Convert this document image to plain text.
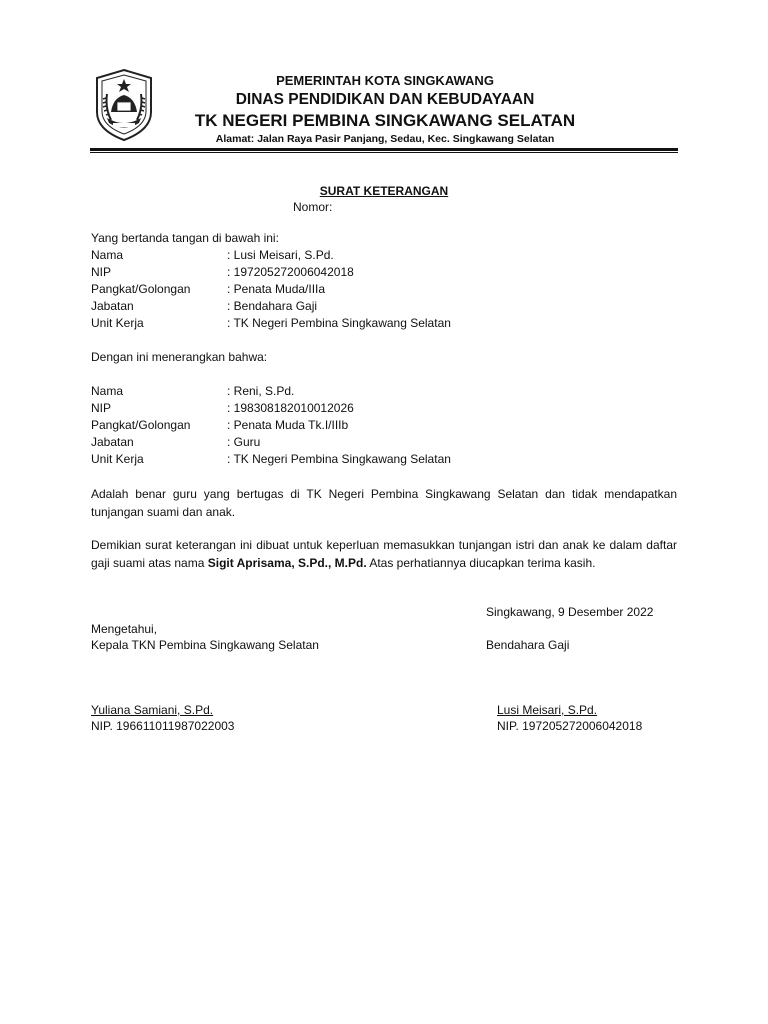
PEMERINTAH KOTA SINGKAWANG
DINAS PENDIDIKAN DAN KEBUDAYAAN
TK NEGERI PEMBINA SINGKAWANG SELATAN
Alamat: Jalan Raya Pasir Panjang, Sedau, Kec. Singkawang Selatan
SURAT KETERANGAN
Nomor:
Yang bertanda tangan di bawah ini:
Nama	: Lusi Meisari, S.Pd.
NIP	: 197205272006042018
Pangkat/Golongan	: Penata Muda/IIIa
Jabatan	: Bendahara Gaji
Unit Kerja	: TK Negeri Pembina Singkawang Selatan
Dengan ini menerangkan bahwa:
Nama	: Reni, S.Pd.
NIP	: 198308182010012026
Pangkat/Golongan	: Penata Muda Tk.I/IIIb
Jabatan	: Guru
Unit Kerja	: TK Negeri Pembina Singkawang Selatan
Adalah benar guru yang bertugas di TK Negeri Pembina Singkawang Selatan dan tidak mendapatkan tunjangan suami dan anak.
Demikian surat keterangan ini dibuat untuk keperluan memasukkan tunjangan istri dan anak ke dalam daftar gaji suami atas nama Sigit Aprisama, S.Pd., M.Pd. Atas perhatiannya diucapkan terima kasih.
Singkawang, 9 Desember 2022
Mengetahui,
Kepala TKN Pembina Singkawang Selatan	Bendahara Gaji
Yuliana Samiani, S.Pd.
NIP. 196611011987022003
Lusi Meisari, S.Pd.
NIP. 197205272006042018
